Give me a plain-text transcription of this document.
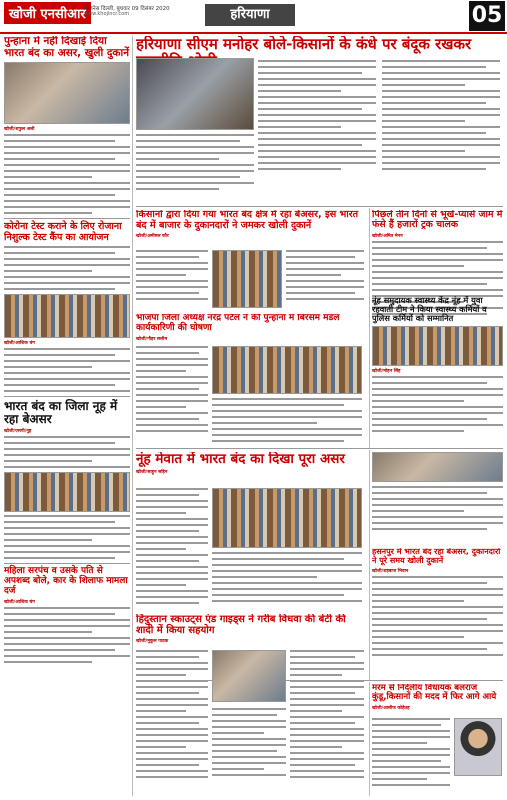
खोजी एनसीआर
बिजनेस दिल्ली, बुधवार 09 दिसंबर 2020
www.khojincr.com	हरियाणा	05
पुन्हाना में नहीं दिखाई दिया भारत बंद का असर, खुली दुकानें
खोजी/शफुल अली
कोरोना टेस्ट कराने के लिए रोजाना निशुल्क टेस्ट कैंप का आयोजन
खोजी/आशिक चंग
भारत बंद का जिला नूह में रहा बेअसर
खोजी/एसपी/नूह
महिला सरपंच व उसके पति से अपशब्द बोले, कार के शिलाफ मामला दर्ज
खोजी/आशिक चंग
हरियाणा सीएम मनोहर बोले-किसानों के कंधे पर बंदूक रखकर
किसानों द्वारा दिया गया भारत बंद क्षेत्र में रहा बेअसर, इस भारत बंद में बाजार के दुकानदारों ने जमकर खोली दुकानें
खोजी/अमीरुल कौर
पिछले तीन दिनों से भूखे-प्यासे जाम में फंसे हैं हजारों ट्रक चालक
खोजी/अमित मेनन
भाजपा जिला अध्यक्ष नरेंद्र पटेल ने की पुन्हाना में बिरसम मंडल कार्यकारिणी की घोषणा
खोजी/गौहर सलीम
नूंह समुदायक स्वास्थ्य केंद्र नूंह में युवा रहवाती टीम ने किया स्वास्थ्य कर्मियों व पुलिस कर्मियों को सम्मानित
खोजी/मोहन सिंह
नूंह मेवात में भारत बंद का दिखा पूरा असर
खोजी/साहून सहिन
हसनपुर में भारत बंद रहा बेअसर, दुकानदारों ने पूरे समय खोली दुकानें
खोजी/शहबाज भिवान
हिंदुस्तान स्काउट्स एंड गाइड्स ने गरीब विधवा की बेटी की शादी में किया सहयोग
खोजी/मुकुल पाठक
मरम से निर्दलीय विधायक बलराज कुंडू,किसानों की मदद में फिर आगे आये
खोजी/आसीफ कोहेतह
